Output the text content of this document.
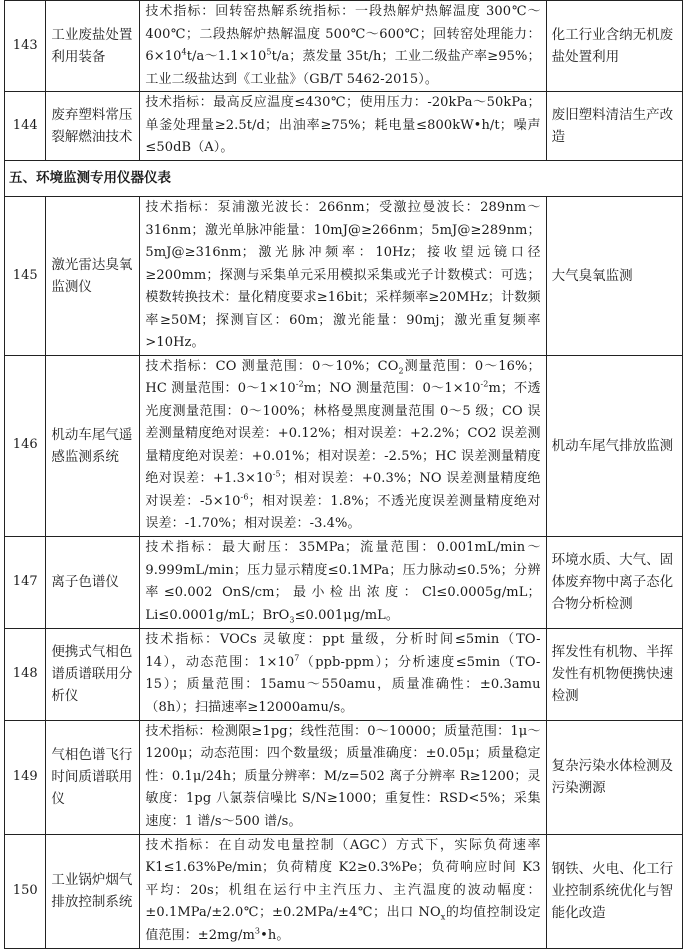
143	工业废盐处置利用装备	技术指标：回转窑热解系统指标：一段热解炉热解温度 300℃～400℃；二段热解炉热解温度 500℃～600℃；回转窑处理能力：$6\times 10^4t/a\sim 1.1\times 10^5t/a$；蒸发量 35t/h；工业二级盐产率≥95%；工业二级盐达到《工业盐》（GB/T 5462-2015）。	化工行业含纳无机废盐处置利用
144	废弃塑料常压裂解燃油技术	技术指标：最高反应温度≤430℃；使用压力：-20kPa～50kPa；单釜处理量≥2.5t/d；出油率≥75%；耗电量≤800kW•h/t；噪声≤50dB（A）。	废旧塑料清洁生产改造
五、环境监测专用仪器仪表			
145	激光雷达臭氧监测仪	技术指标：泵浦激光波长：266nm；受激拉曼波长：289nm～316nm；激光单脉冲能量：10mJ@≥266nm；5mJ@≥289nm；5mJ@≥316nm；激光脉冲频率：10Hz；接收望远镜口径≥200mm；探测与采集单元采用模拟采集或光子计数模式：可选；模数转换技术：量化精度要求≥16bit；采样频率≥20MHz；计数频率≥50M；探测盲区：60m；激光能量：90mj；激光重复频率>10Hz。	大气臭氧监测
146	机动车尾气遥感监测系统	技术指标：CO 测量范围：0～10%；$CO_2$测量范围：0～16%；HC 测量范围：$0\sim 1\times 10^{-2}m$；NO 测量范围：$0\sim 1\times 10^{-2}m$；不透光度测量范围：0～100%；林格曼黑度测量范围 0～5 级；CO 误差测量精度绝对误差：+0.12%；相对误差：+2.2%；CO2 误差测量精度绝对误差：+0.01%；相对误差：-2.5%；HC 误差测量精度绝对误差：$+1.3\times 10^{-5}$；相对误差：+0.3%；NO 误差测量精度绝对误差：$-5\times 10^{-6}$；相对误差：1.8%；不透光度误差测量精度绝对误差：-1.70%；相对误差：-3.4%。	机动车尾气排放监测
147	离子色谱仪	技术指标：最大耐压：35MPa；流量范围：0.001mL/min～9.999mL/min；压力显示精度≤0.1MPa；压力脉动≤0.5%；分辨率≤0.002 OnS/cm；最小检出浓度：Cl≤0.0005g/mL；Li≤0.0001g/mL；BrO$_3$≤0.001μg/mL。	环境水质、大气、固体废弃物中离子态化合物分析检测
148	便携式气相色谱质谱联用分析仪	技术指标：VOCs 灵敏度：ppt 量级，分析时间≤5min（TO-14），动态范围：$1\times 10^7(ppb-ppm)$；分析速度≤5min（TO-15）；质量范围：15amu～550amu，质量准确性：±0.3amu（8h）；扫描速率≥12000amu/s。	挥发性有机物、半挥发性有机物便携快速检测
149	气相色谱飞行时间质谱联用仪	技术指标：检测限≥1pg；线性范围：0～10000；质量范围：1μ～1200μ；动态范围：四个数量级；质量准确度：±0.05μ；质量稳定性：0.1μ/24h；质量分辨率：M/z=502 离子分辨率 R≥1200；灵敏度：1pg 八氯萘信噪比 S/N≥1000；重复性：RSD<5%；采集速度：1 谱/s～500 谱/s。	复杂污染水体检测及污染溯源
150	工业锅炉烟气排放控制系统	技术指标：在自动发电量控制（AGC）方式下，实际负荷速率 K1≤1.63%Pe/min；负荷精度 K2≥0.3%Pe；负荷响应时间 K3 平均：20s；机组在运行中主汽压力、主汽温度的波动幅度：±0.1MPa/±2.0℃；±0.2MPa/±4℃；出口 $NO_x$的均值控制设定值范围：$\pm 2mg/m^3•h$。	钢铁、火电、化工行业控制系统优化与智能化改造
